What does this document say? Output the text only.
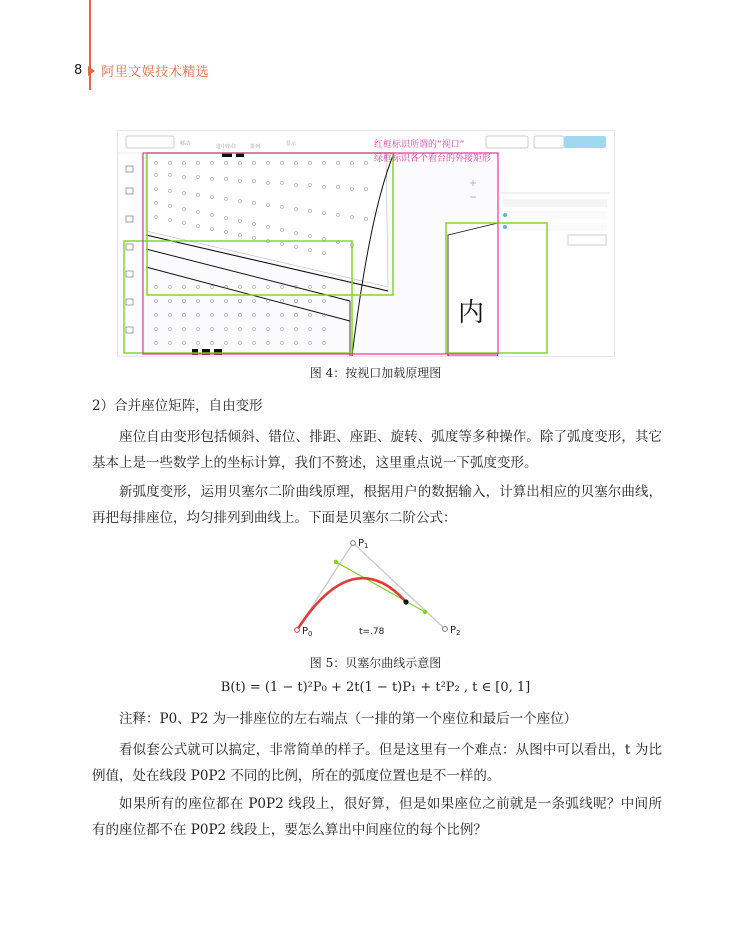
8 阿里文娱技术精选
移动	选中座位	排列	显示
内
红框标识所谓的“视口”
绿框标识各个看台的外接矩形
图 4：按视口加载原理图
2）合并座位矩阵，自由变形
座位自由变形包括倾斜、错位、排距、座距、旋转、弧度等多种操作。除了弧度变形，其它基本上是一些数学上的坐标计算，我们不赘述，这里重点说一下弧度变形。
新弧度变形，运用贝塞尔二阶曲线原理，根据用户的数据输入，计算出相应的贝塞尔曲线，再把每排座位，均匀排列到曲线上。下面是贝塞尔二阶公式：
$P_0$
$P_1$
$P_2$
t=.78
图 5：贝塞尔曲线示意图
B(t) = (1 − t)²P₀ + 2t(1 − t)P₁ + t²P₂ , t ∈ [0, 1]
注释：P0、P2 为一排座位的左右端点（一排的第一个座位和最后一个座位）
看似套公式就可以搞定，非常简单的样子。但是这里有一个难点：从图中可以看出，t 为比例值，处在线段 P0P2 不同的比例，所在的弧度位置也是不一样的。
如果所有的座位都在 P0P2 线段上，很好算，但是如果座位之前就是一条弧线呢？中间所有的座位都不在 P0P2 线段上，要怎么算出中间座位的每个比例？
